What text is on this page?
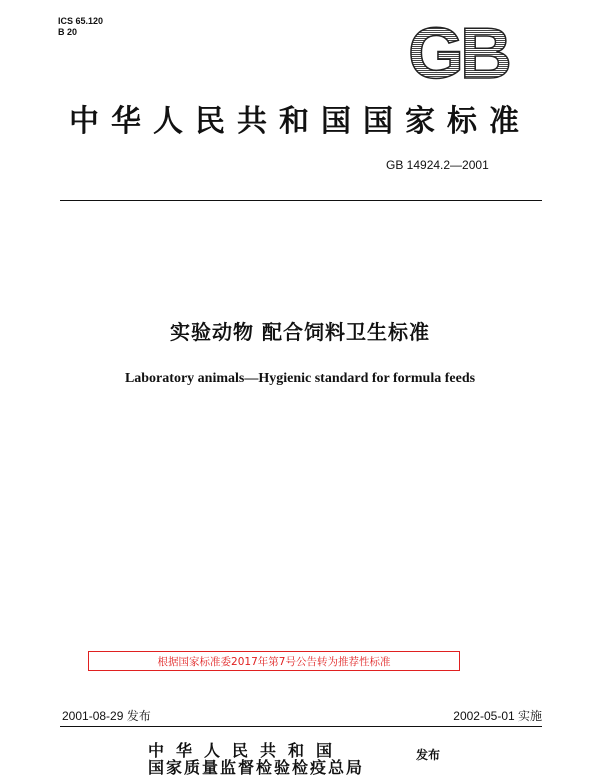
ICS 65.120
B 20	GB
中华人民共和国国家标准
GB 14924.2—2001
实验动物 配合饲料卫生标准
Laboratory animals—Hygienic standard for formula feeds
根据国家标准委2017年第7号公告转为推荐性标准
2001-08-29 发布	2002-05-01 实施
中华人民共和国
国家质量监督检验检疫总局
发布
